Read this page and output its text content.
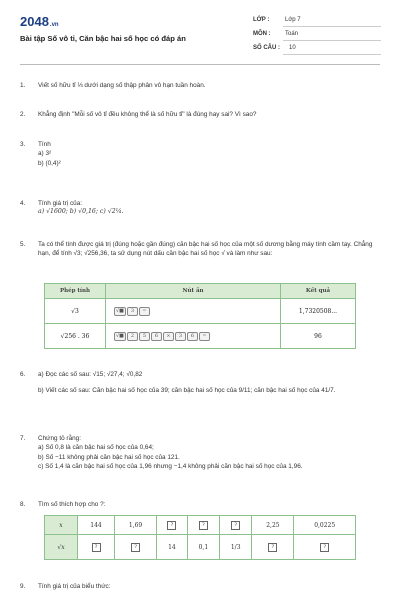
2048.vn
Bài tập Số vô tỉ, Căn bậc hai số học có đáp án
LỚP :	Lớp 7
MÔN : Toán
SỐ CÂU : 10
1. Viết số hữu tỉ ⅓ dưới dạng số thập phân vô hạn tuần hoàn.
2. Khẳng định "Mỗi số vô tỉ đều không thể là số hữu tỉ" là đúng hay sai? Vì sao?
3. Tính
a) 3²
b) (0,4)²
4. Tính giá trị của:
a) √1600; b) √0,16; c) √2¼.
5. Ta có thể tính được giá trị (đúng hoặc gần đúng) căn bậc hai số học của một số dương bằng máy tính cầm tay. Chẳng hạn, để tính √3; √256,36, ta sử dụng nút dấu căn bậc hai số học √ và làm như sau:
Phép tính	Nút ấn	Kết quả
√3	√■ 3 =	1,7320508...
√256 . 36	√■ 2 5 6 × 3 6 =	96
6. a) Đọc các số sau: √15; √27,4; √0,82
b) Viết các số sau: Căn bậc hai số học của 39; căn bậc hai số học của 9/11; căn bậc hai số học của 41/7.
7. Chứng tỏ rằng:
a) Số 0,8 là căn bậc hai số học của 0,64;
b) Số −11 không phải căn bậc hai số học của 121.
c) Số 1,4 là căn bậc hai số học của 1,96 nhưng −1,4 không phải căn bậc hai số học của 1,96.
8. Tìm số thích hợp cho ?:
x	144	1,69	?	?	?	2,25	0,0225
√x	?	?	14	0,1	1/3	?	?
9. Tính giá trị của biểu thức:
